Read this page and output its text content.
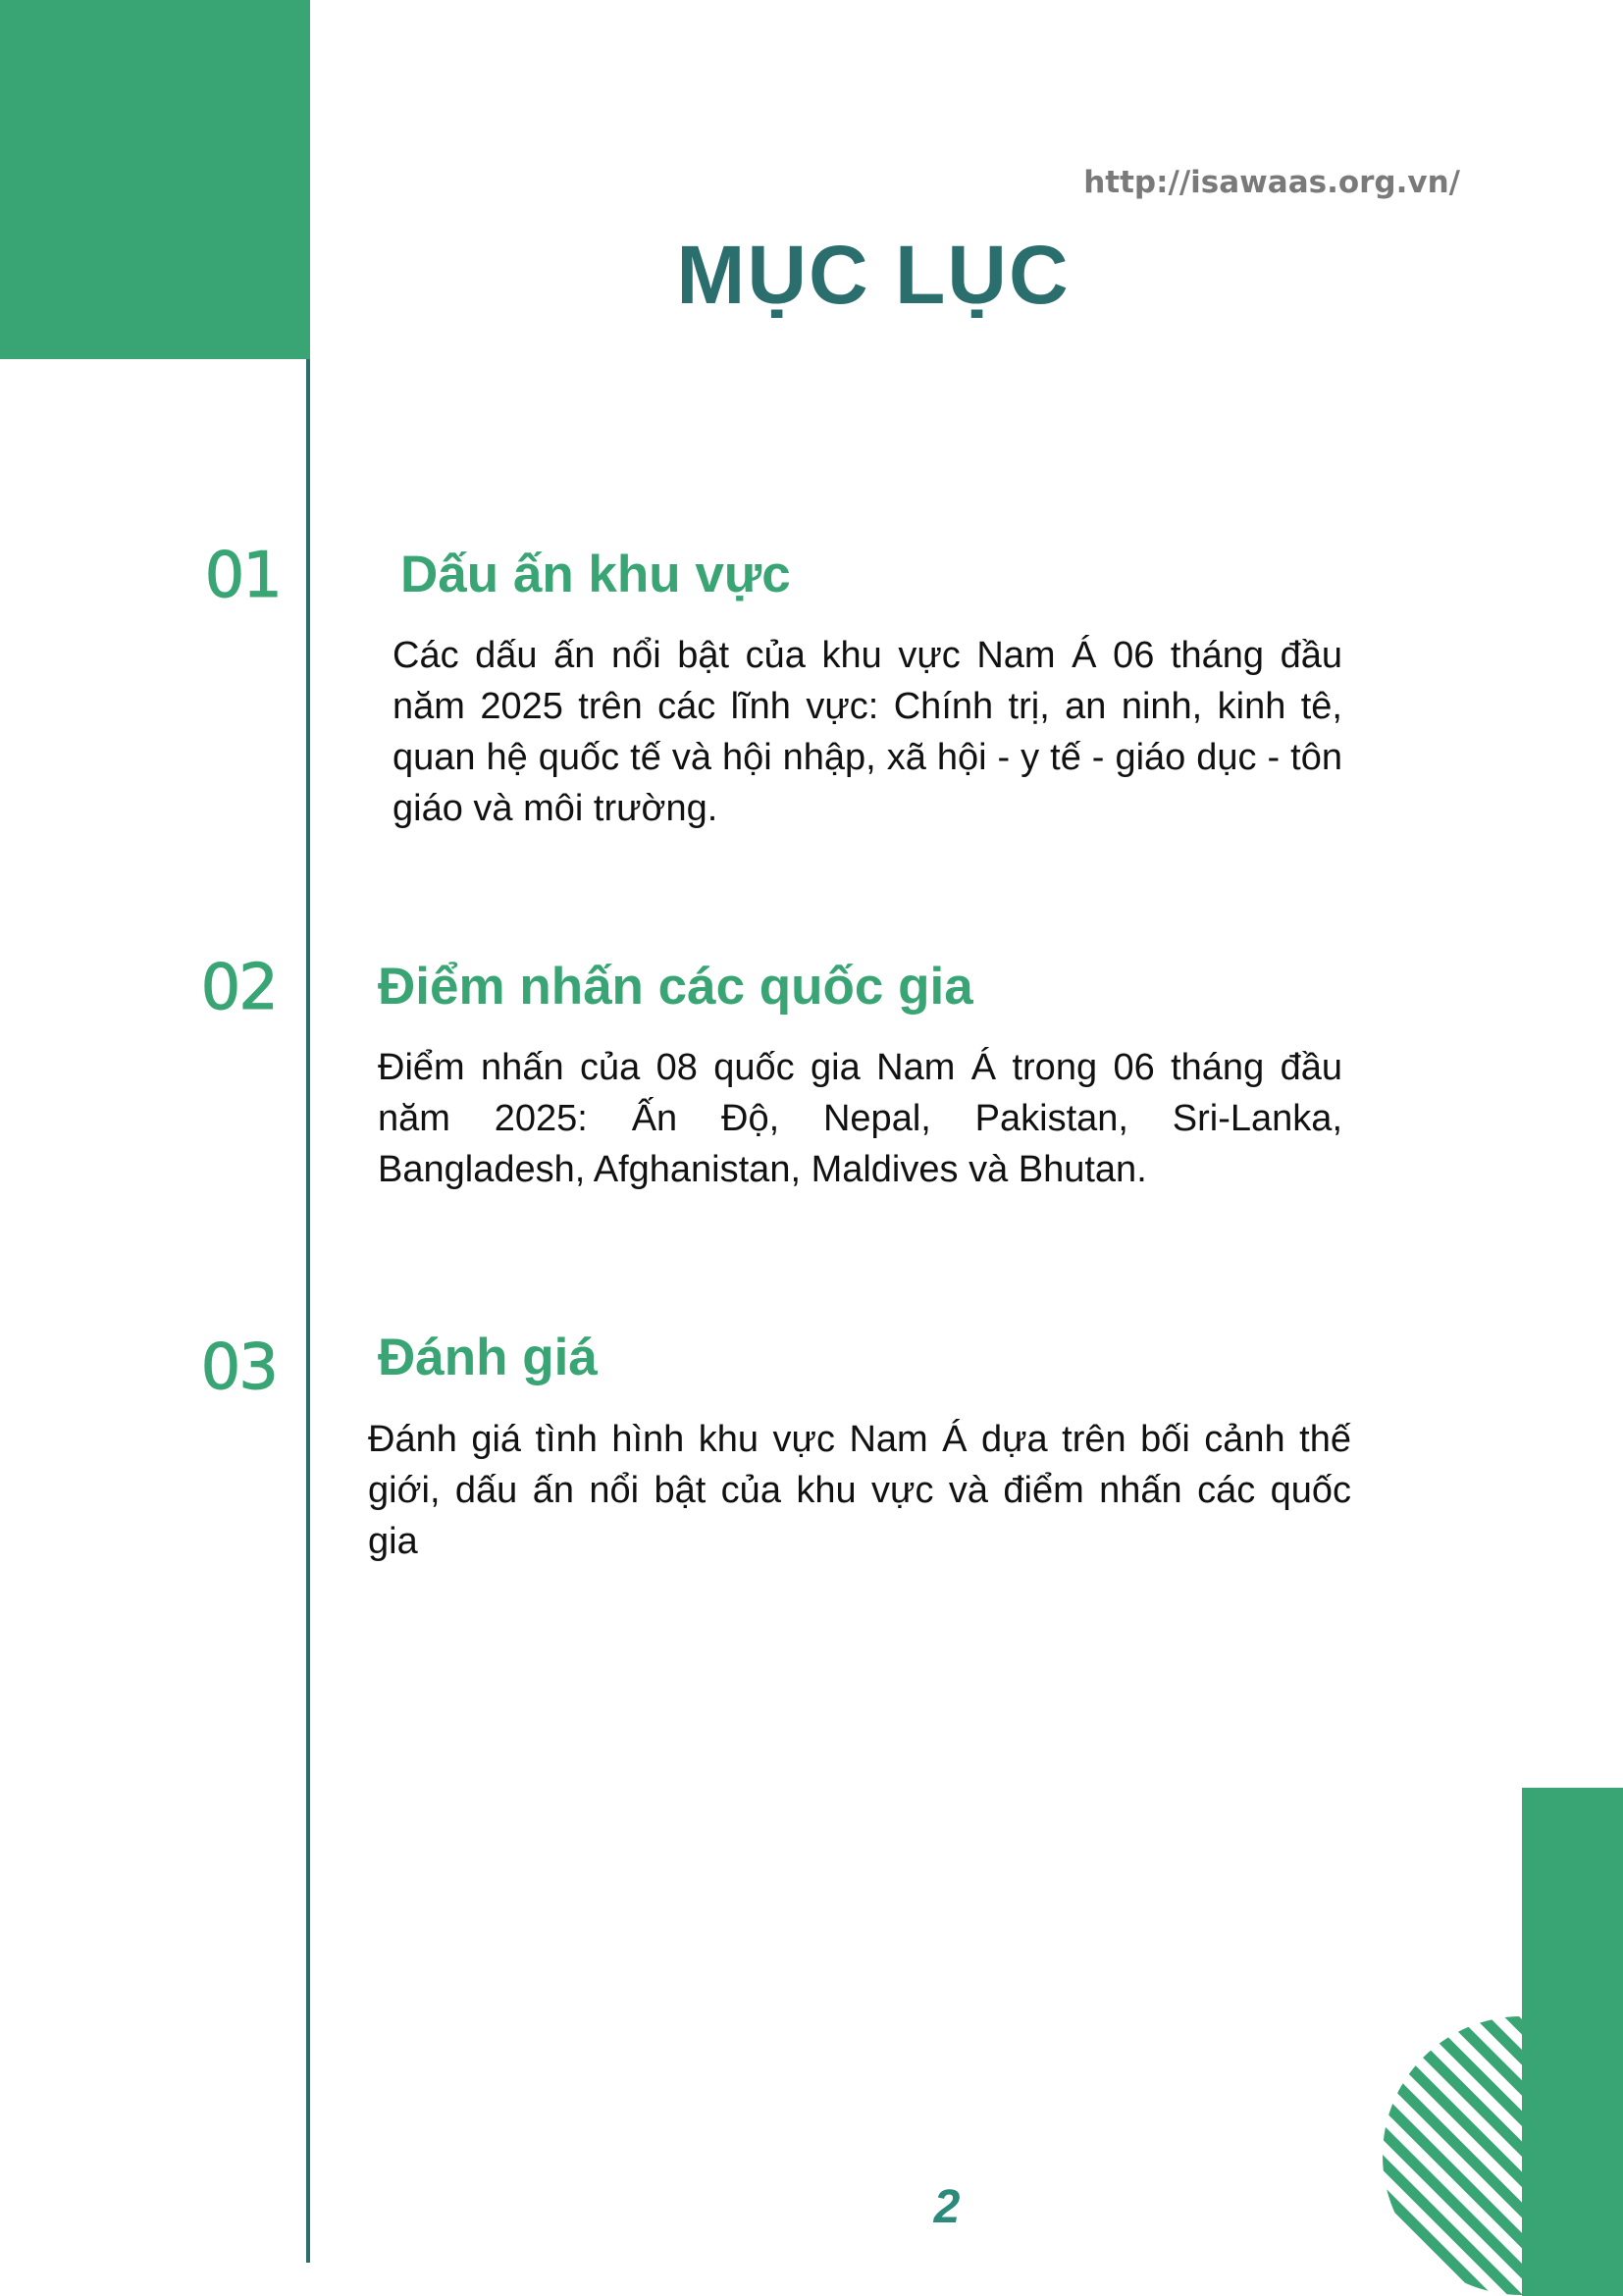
http://isawaas.org.vn/
MỤC LỤC
01 Dấu ấn khu vực
Các dấu ấn nổi bật của khu vực Nam Á 06 tháng đầu năm 2025 trên các lĩnh vực: Chính trị, an ninh, kinh tê, quan hệ quốc tế và hội nhập, xã hội - y tế - giáo dục - tôn giáo và môi trường.
02 Điểm nhấn các quốc gia
Điểm nhấn của 08 quốc gia Nam Á trong 06 tháng đầu năm 2025: Ấn Độ, Nepal, Pakistan, Sri-Lanka, Bangladesh, Afghanistan, Maldives và Bhutan.
03 Đánh giá
Đánh giá tình hình khu vực Nam Á dựa trên bối cảnh thế giới, dấu ấn nổi bật của khu vực và điểm nhấn các quốc gia
2
